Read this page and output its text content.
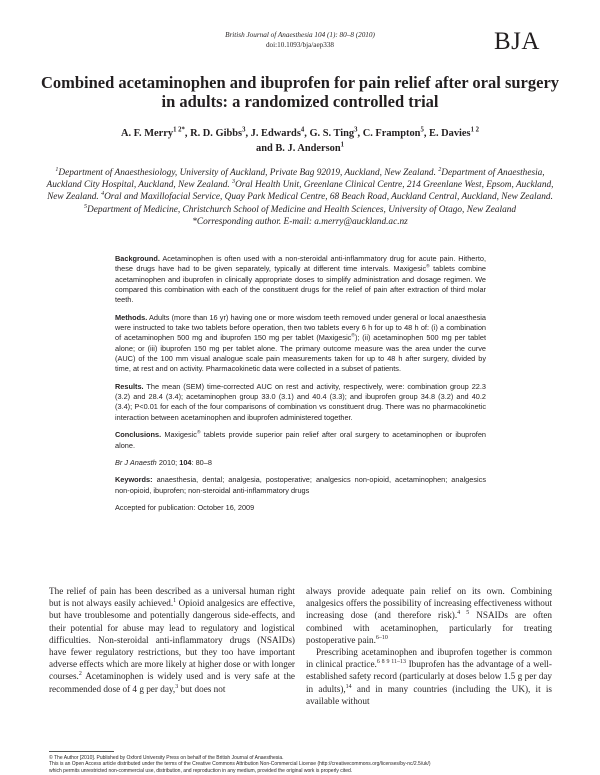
British Journal of Anaesthesia 104 (1): 80–8 (2010)
doi:10.1093/bja/aep338	BJA
Combined acetaminophen and ibuprofen for pain relief after oral surgery in adults: a randomized controlled trial
A. F. Merry$^{1 2*}$, R. D. Gibbs$^3$, J. Edwards$^4$, G. S. Ting$^3$, C. Frampton$^5$, E. Davies$^{1 2}$
and B. J. Anderson$^1$
$^1$Department of Anaesthesiology, University of Auckland, Private Bag 92019, Auckland, New Zealand. $^2$Department of Anaesthesia, Auckland City Hospital, Auckland, New Zealand. $^3$Oral Health Unit, Greenlane Clinical Centre, 214 Greenlane West, Epsom, Auckland, New Zealand. $^4$Oral and Maxillofacial Service, Quay Park Medical Centre, 68 Beach Road, Auckland Central, Auckland, New Zealand. $^5$Department of Medicine, Christchurch School of Medicine and Health Sciences, University of Otago, New Zealand
*Corresponding author. E-mail: a.merry@auckland.ac.nz

Background. Acetaminophen is often used with a non-steroidal anti-inflammatory drug for acute pain. Hitherto, these drugs have had to be given separately, typically at different time intervals. Maxigesic® tablets combine acetaminophen and ibuprofen in clinically appropriate doses to simplify administration and dosage regimen. We compared this combination with each of the constituent drugs for the relief of pain after extraction of third molar teeth.

Methods. Adults (more than 16 yr) having one or more wisdom teeth removed under general or local anaesthesia were instructed to take two tablets before operation, then two tablets every 6 h for up to 48 h of: (i) a combination of acetaminophen 500 mg and ibuprofen 150 mg per tablet (Maxigesic®); (ii) acetaminophen 500 mg per tablet alone; or (iii) ibuprofen 150 mg per tablet alone. The primary outcome measure was the area under the curve (AUC) of the 100 mm visual analogue scale pain measurements taken for up to 48 h after surgery, divided by time, at rest and on activity. Pharmacokinetic data were collected in a subset of patients.

Results. The mean (SEM) time-corrected AUC on rest and activity, respectively, were: combination group 22.3 (3.2) and 28.4 (3.4); acetaminophen group 33.0 (3.1) and 40.4 (3.3); and ibuprofen group 34.8 (3.2) and 40.2 (3.4); P<0.01 for each of the four comparisons of combination vs constituent drug. There was no pharmacokinetic interaction between acetaminophen and ibuprofen administered together.

Conclusions. Maxigesic® tablets provide superior pain relief after oral surgery to acetaminophen or ibuprofen alone.

Br J Anaesth 2010; 104: 80–8

Keywords: anaesthesia, dental; analgesia, postoperative; analgesics non-opioid, acetaminophen; analgesics non-opioid, ibuprofen; non-steroidal anti-inflammatory drugs

Accepted for publication: October 16, 2009

The relief of pain has been described as a universal human right but is not always easily achieved.$^1$ Opioid analgesics are effective, but have troublesome and potentially dangerous side-effects, and their potential for abuse may lead to regulatory and logistical difficulties. Non-steroidal anti-inflammatory drugs (NSAIDs) have fewer regulatory restrictions, but they too have important adverse effects which are more likely at higher dose or with longer courses.$^2$ Acetaminophen is widely used and is very safe at the recommended dose of 4 g per day,$^3$ but does not

always provide adequate pain relief on its own. Combining analgesics offers the possibility of increasing effectiveness without increasing dose (and therefore risk).$^{4 5}$ NSAIDs are often combined with acetaminophen, particularly for treating postoperative pain.$^{6-10}$

Prescribing acetaminophen and ibuprofen together is common in clinical practice.$^{6 8 9 11-13}$ Ibuprofen has the advantage of a well-established safety record (particularly at doses below 1.5 g per day in adults),$^{14}$ and in many countries (including the UK), it is available without

© The Author [2010]. Published by Oxford University Press on behalf of the British Journal of Anaesthesia.
This is an Open Access article distributed under the terms of the Creative Commons Attribution Non-Commercial License (http://creativecommons.org/licenses/by-nc/2.5/uk/)
which permits unrestricted non-commercial use, distribution, and reproduction in any medium, provided the original work is properly cited.
